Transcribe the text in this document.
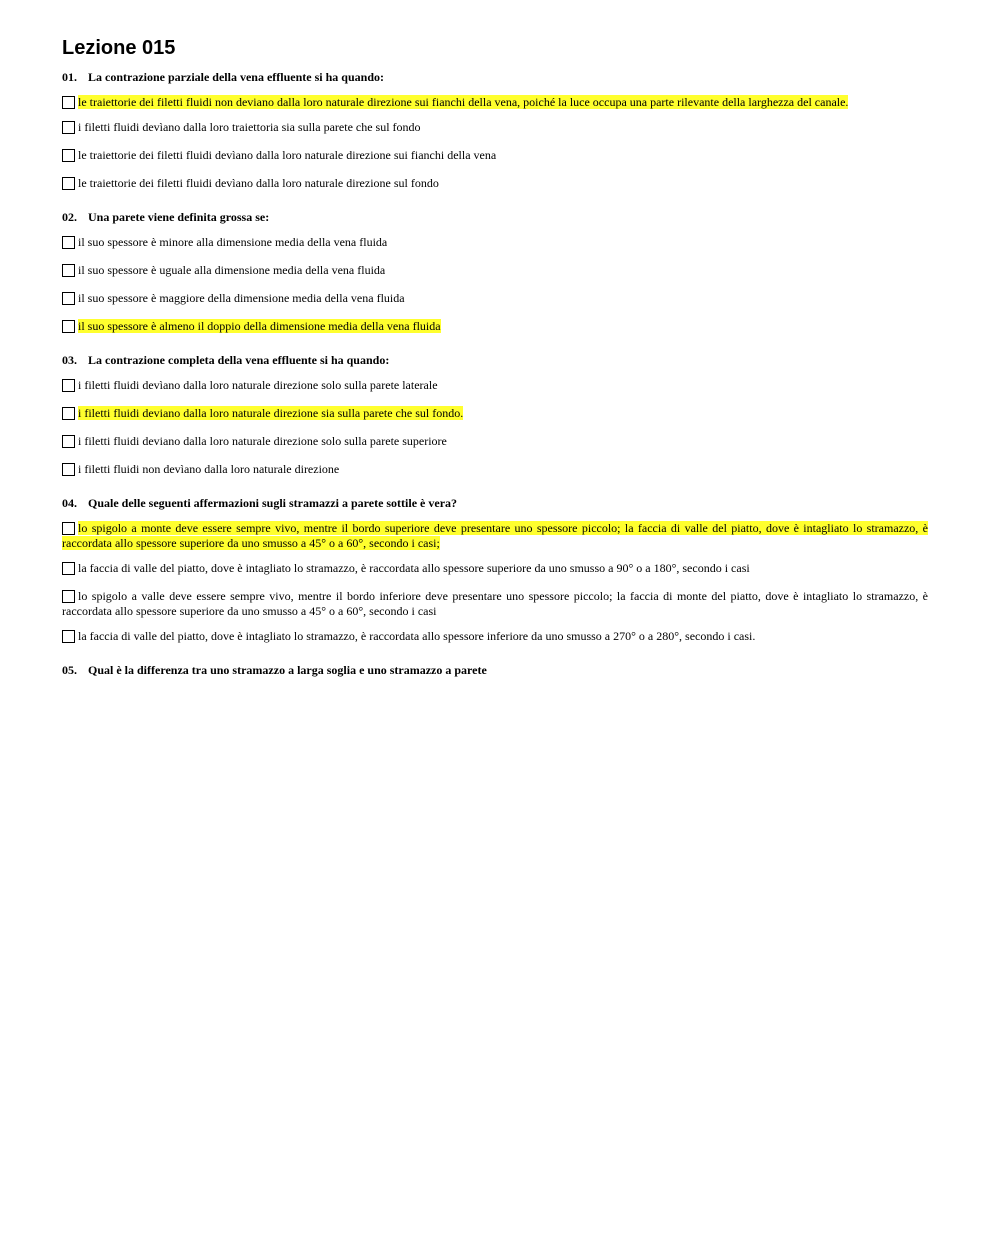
Lezione 015
01. La contrazione parziale della vena effluente si ha quando:
le traiettorie dei filetti fluidi non deviano dalla loro naturale direzione sui fianchi della vena, poiché la luce occupa una parte rilevante della larghezza del canale.
i filetti fluidi devìano dalla loro traiettoria sia sulla parete che sul fondo
le traiettorie dei filetti fluidi devìano dalla loro naturale direzione sui fianchi della vena
le traiettorie dei filetti fluidi devìano dalla loro naturale direzione sul fondo
02. Una parete viene definita grossa se:
il suo spessore è minore alla dimensione media della vena fluida
il suo spessore è uguale alla dimensione media della vena fluida
il suo spessore è maggiore della dimensione media della vena fluida
il suo spessore è almeno il doppio della dimensione media della vena fluida
03. La contrazione completa della vena effluente si ha quando:
i filetti fluidi devìano dalla loro naturale direzione solo sulla parete laterale
i filetti fluidi deviano dalla loro naturale direzione sia sulla parete che sul fondo.
i filetti fluidi deviano dalla loro naturale direzione solo sulla parete superiore
i filetti fluidi non devìano dalla loro naturale direzione
04. Quale delle seguenti affermazioni sugli stramazzi a parete sottile è vera?
lo spigolo a monte deve essere sempre vivo, mentre il bordo superiore deve presentare uno spessore piccolo; la faccia di valle del piatto, dove è intagliato lo stramazzo, è raccordata allo spessore superiore da uno smusso a 45° o a 60°, secondo i casi;
la faccia di valle del piatto, dove è intagliato lo stramazzo, è raccordata allo spessore superiore da uno smusso a 90° o a 180°, secondo i casi
lo spigolo a valle deve essere sempre vivo, mentre il bordo inferiore deve presentare uno spessore piccolo; la faccia di monte del piatto, dove è intagliato lo stramazzo, è raccordata allo spessore superiore da uno smusso a 45° o a 60°, secondo i casi
la faccia di valle del piatto, dove è intagliato lo stramazzo, è raccordata allo spessore inferiore da uno smusso a 270° o a 280°, secondo i casi.
05. Qual è la differenza tra uno stramazzo a larga soglia e uno stramazzo a parete
